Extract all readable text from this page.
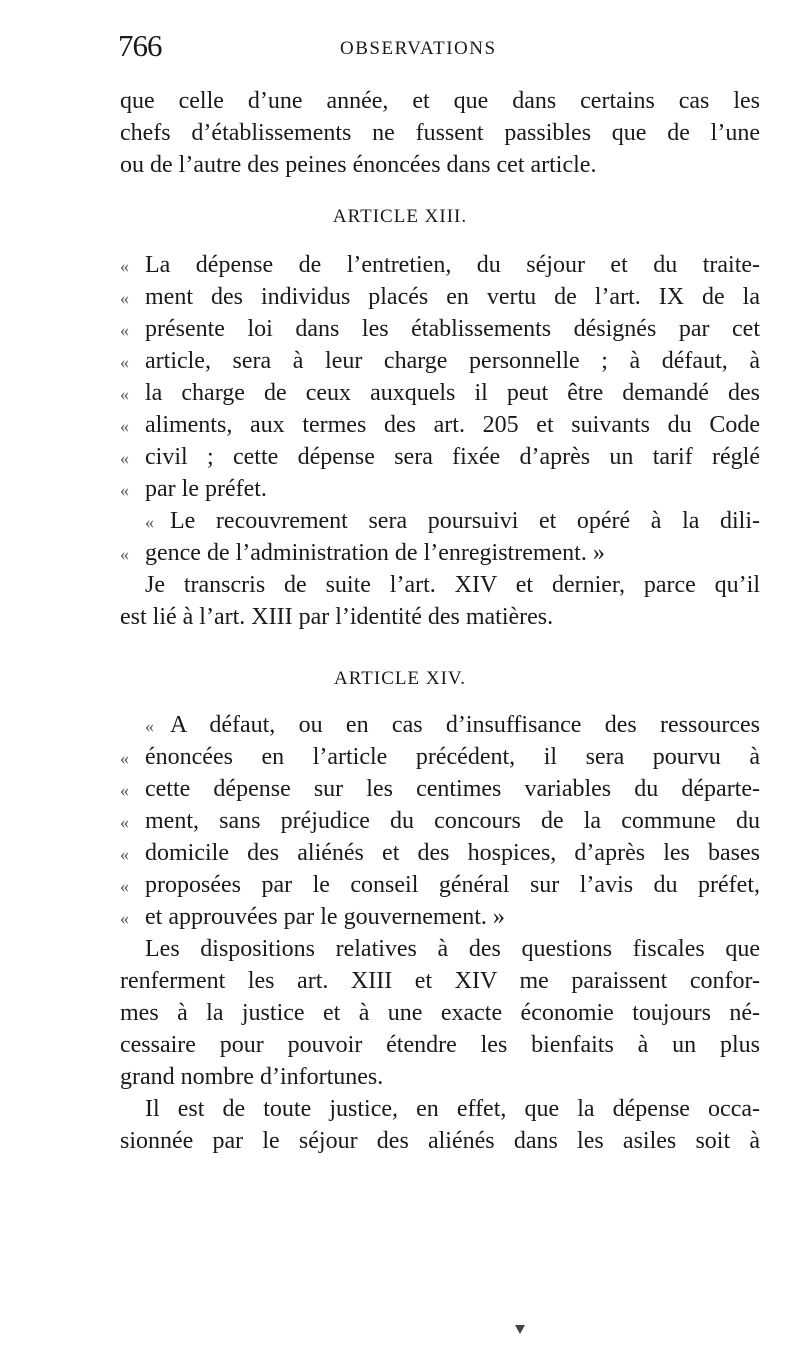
766	OBSERVATIONS
que celle d’une année, et que dans certains cas les
chefs d’établissements ne fussent passibles que de l’une
ou de l’autre des peines énoncées dans cet article.
ARTICLE XIII.
« La dépense de l’entretien, du séjour et du traite-
« ment des individus placés en vertu de l’art. IX de la
« présente loi dans les établissements désignés par cet
« article, sera à leur charge personnelle ; à défaut, à
« la charge de ceux auxquels il peut être demandé des
« aliments, aux termes des art. 205 et suivants du Code
« civil ; cette dépense sera fixée d’après un tarif réglé
« par le préfet.
« Le recouvrement sera poursuivi et opéré à la dili-
« gence de l’administration de l’enregistrement. »
Je transcris de suite l’art. XIV et dernier, parce qu’il
est lié à l’art. XIII par l’identité des matières.
ARTICLE XIV.
« A défaut, ou en cas d’insuffisance des ressources
« énoncées en l’article précédent, il sera pourvu à
« cette dépense sur les centimes variables du départe-
« ment, sans préjudice du concours de la commune du
« domicile des aliénés et des hospices, d’après les bases
« proposées par le conseil général sur l’avis du préfet,
« et approuvées par le gouvernement. »
Les dispositions relatives à des questions fiscales que
renferment les art. XIII et XIV me paraissent confor-
mes à la justice et à une exacte économie toujours né-
cessaire pour pouvoir étendre les bienfaits à un plus
grand nombre d’infortunes.
Il est de toute justice, en effet, que la dépense occa-
sionnée par le séjour des aliénés dans les asiles soit à
